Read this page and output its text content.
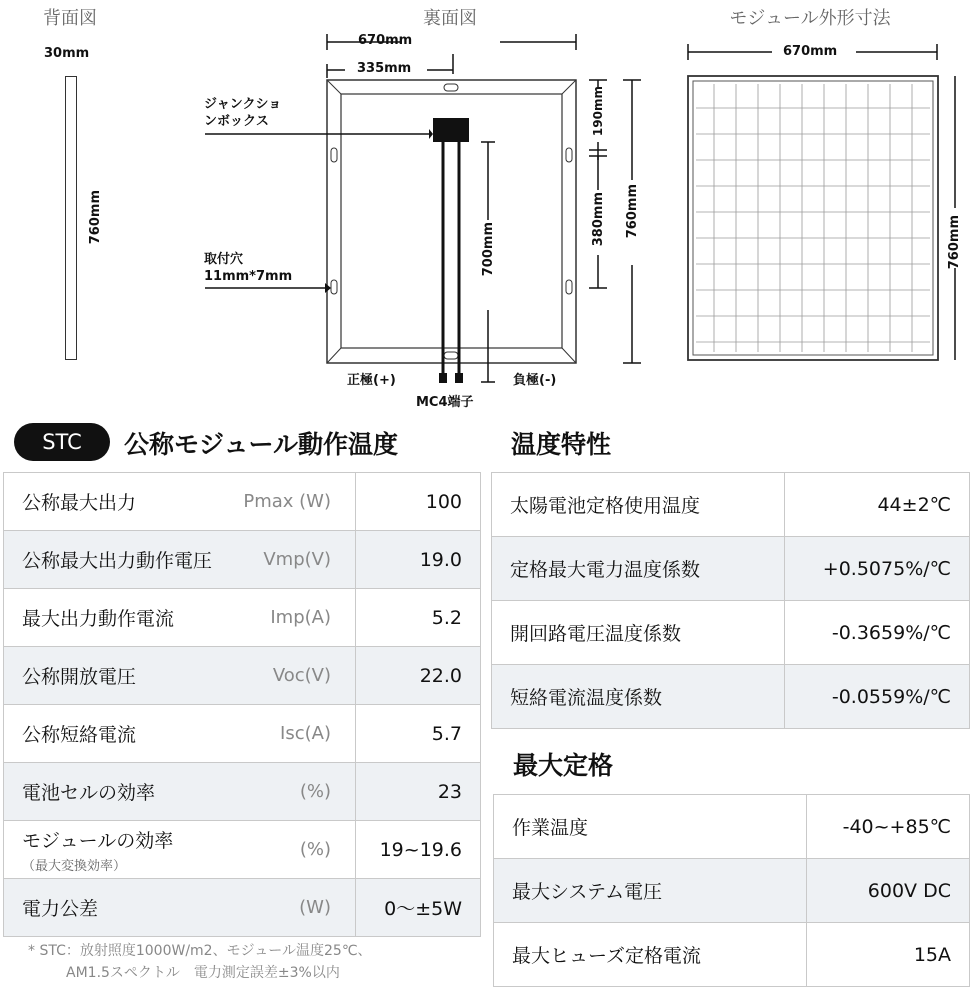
背面図	裏面図	モジュール外形寸法
30mm
760mm
670mm
335mm
ジャンクショ
ンボックス
取付穴
11mm*7mm
700mm
190mm
380mm 760mm
正極(+)	負極(-)
MC4端子
670mm
760mm
STC	公称モジュール動作温度
公称最大出力 Pmax (W)	100

公称最大出力動作電圧 Vmp(V)	19.0

最大出力動作電流 Imp(A)	5.2

公称開放電圧 Voc(V)	22.0

公称短絡電流 Isc(A)	5.7

電池セルの効率 (%)	23

モジュールの効率
（最大変換効率）
(%)	19~19.6

電力公差 (W)	0〜±5W
* STC：放射照度1000W/m2、モジュール温度25℃、
AM1.5スペクトル　電力測定誤差±3%以内
温度特性
太陽電池定格使用温度	44±2℃

定格最大電力温度係数	+0.5075%/℃

開回路電圧温度係数	-0.3659%/℃

短絡電流温度係数	-0.0559%/℃
最大定格
作業温度	-40~+85℃

最大システム電圧	600V DC

最大ヒューズ定格電流	15A
